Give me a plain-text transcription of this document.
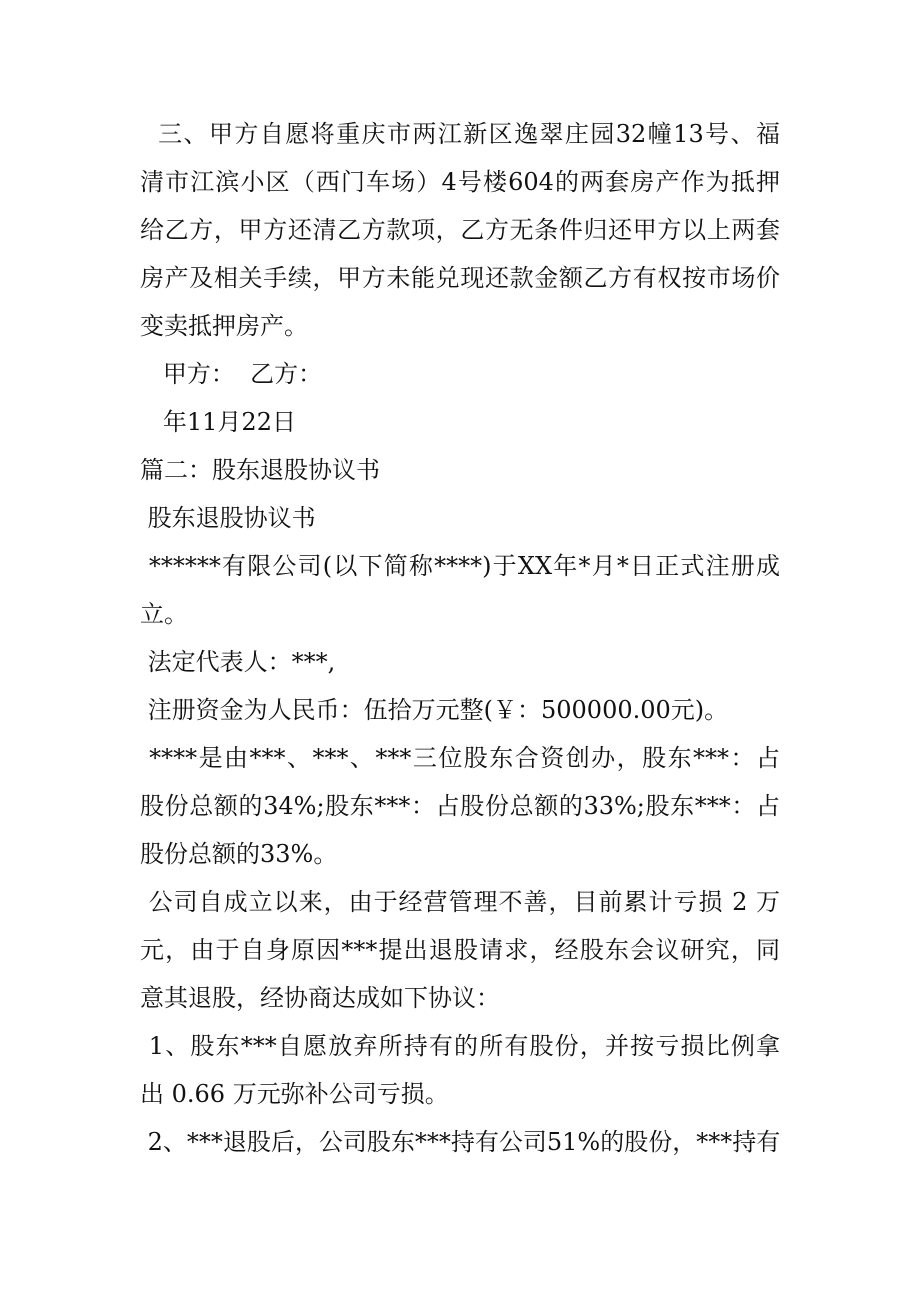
三、甲方自愿将重庆市两江新区逸翠庄园32幢13号、福
清市江滨小区（西门车场）4号楼604的两套房产作为抵押
给乙方，甲方还清乙方款项，乙方无条件归还甲方以上两套
房产及相关手续，甲方未能兑现还款金额乙方有权按市场价
变卖抵押房产。
甲方：  乙方：
年11月22日
篇二：股东退股协议书
股东退股协议书
******有限公司(以下简称****)于XX年*月*日正式注册成
立。
法定代表人：***,
注册资金为人民币：伍拾万元整(￥：500000.00元)。
****是由***、***、***三位股东合资创办，股东***：占
股份总额的34%;股东***：占股份总额的33%;股东***：占
股份总额的33%。
公司自成立以来，由于经营管理不善，目前累计亏损 2 万
元，由于自身原因***提出退股请求，经股东会议研究，同
意其退股，经协商达成如下协议：
1、股东***自愿放弃所持有的所有股份，并按亏损比例拿
出 0.66 万元弥补公司亏损。
2、***退股后，公司股东***持有公司51%的股份，***持有
